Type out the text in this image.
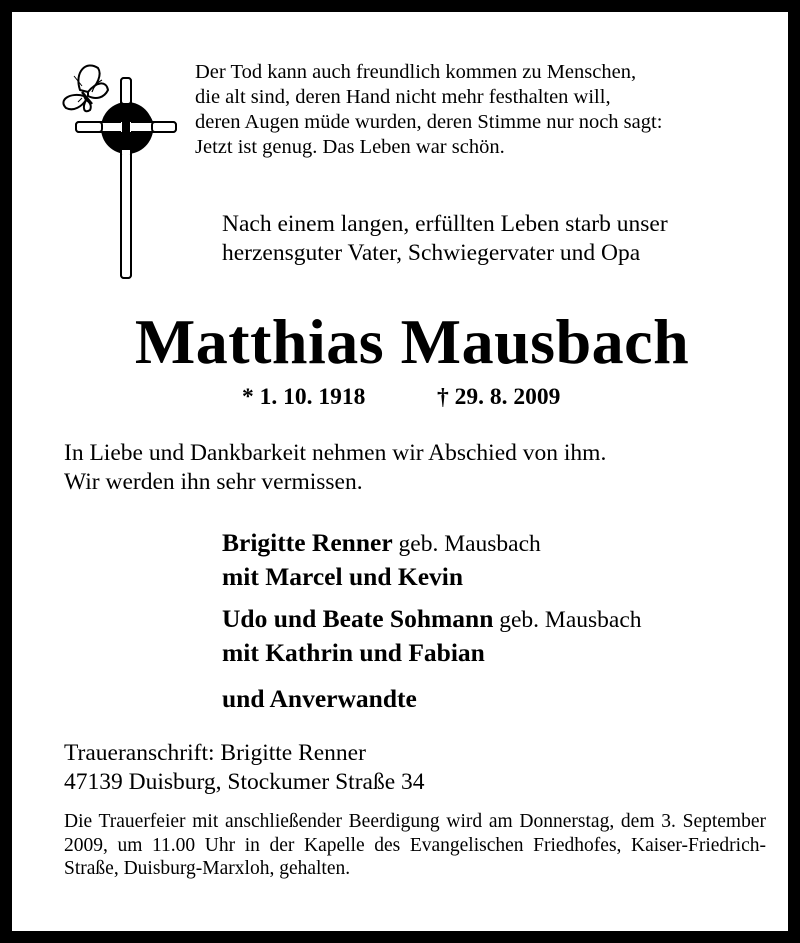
Der Tod kann auch freundlich kommen zu Menschen,
die alt sind, deren Hand nicht mehr festhalten will,
deren Augen müde wurden, deren Stimme nur noch sagt:
Jetzt ist genug. Das Leben war schön.
Nach einem langen, erfüllten Leben starb unser
herzensguter Vater, Schwiegervater und Opa
Matthias Mausbach
* 1. 10. 1918	† 29. 8. 2009
In Liebe und Dankbarkeit nehmen wir Abschied von ihm.
Wir werden ihn sehr vermissen.
Brigitte Renner geb. Mausbach
mit Marcel und Kevin
Udo und Beate Sohmann geb. Mausbach
mit Kathrin und Fabian
und Anverwandte
Traueranschrift: Brigitte Renner
47139 Duisburg, Stockumer Straße 34
Die Trauerfeier mit anschließender Beerdigung wird am Donnerstag, dem 3. September 2009, um 11.00 Uhr in der Kapelle des Evangelischen Friedhofes, Kaiser-Friedrich-Straße, Duisburg-Marxloh, gehalten.
